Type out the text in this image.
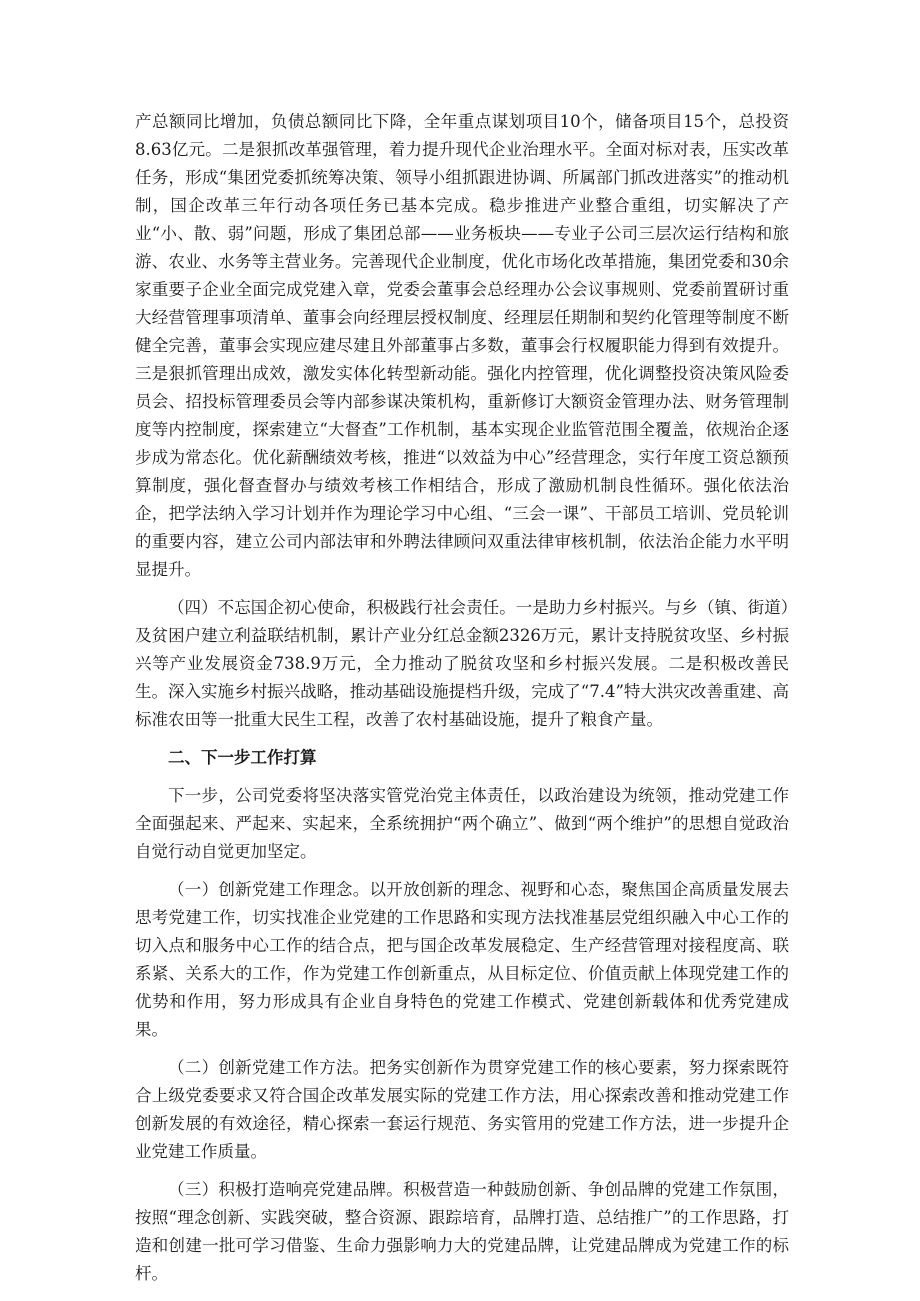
产总额同比增加，负债总额同比下降，全年重点谋划项目10个，储备项目15个，总投资8.63亿元。二是狠抓改革强管理，着力提升现代企业治理水平。全面对标对表，压实改革任务，形成“集团党委抓统筹决策、领导小组抓跟进协调、所属部门抓改进落实”的推动机制，国企改革三年行动各项任务已基本完成。稳步推进产业整合重组，切实解决了产业“小、散、弱”问题，形成了集团总部——业务板块——专业子公司三层次运行结构和旅游、农业、水务等主营业务。完善现代企业制度，优化市场化改革措施，集团党委和30余家重要子企业全面完成党建入章，党委会董事会总经理办公会议事规则、党委前置研讨重大经营管理事项清单、董事会向经理层授权制度、经理层任期制和契约化管理等制度不断健全完善，董事会实现应建尽建且外部董事占多数，董事会行权履职能力得到有效提升。三是狠抓管理出成效，激发实体化转型新动能。强化内控管理，优化调整投资决策风险委员会、招投标管理委员会等内部参谋决策机构，重新修订大额资金管理办法、财务管理制度等内控制度，探索建立“大督查”工作机制，基本实现企业监管范围全覆盖，依规治企逐步成为常态化。优化薪酬绩效考核，推进“以效益为中心”经营理念，实行年度工资总额预算制度，强化督查督办与绩效考核工作相结合，形成了激励机制良性循环。强化依法治企，把学法纳入学习计划并作为理论学习中心组、“三会一课”、干部员工培训、党员轮训的重要内容，建立公司内部法审和外聘法律顾问双重法律审核机制，依法治企能力水平明显提升。

（四）不忘国企初心使命，积极践行社会责任。一是助力乡村振兴。与乡（镇、街道）及贫困户建立利益联结机制，累计产业分红总金额2326万元，累计支持脱贫攻坚、乡村振兴等产业发展资金738.9万元，全力推动了脱贫攻坚和乡村振兴发展。二是积极改善民生。深入实施乡村振兴战略，推动基础设施提档升级，完成了“7.4”特大洪灾改善重建、高标准农田等一批重大民生工程，改善了农村基础设施，提升了粮食产量。

二、下一步工作打算

下一步，公司党委将坚决落实管党治党主体责任，以政治建设为统领，推动党建工作全面强起来、严起来、实起来，全系统拥护“两个确立”、做到“两个维护”的思想自觉政治自觉行动自觉更加坚定。

（一）创新党建工作理念。以开放创新的理念、视野和心态，聚焦国企高质量发展去思考党建工作，切实找准企业党建的工作思路和实现方法找准基层党组织融入中心工作的切入点和服务中心工作的结合点，把与国企改革发展稳定、生产经营管理对接程度高、联系紧、关系大的工作，作为党建工作创新重点，从目标定位、价值贡献上体现党建工作的优势和作用，努力形成具有企业自身特色的党建工作模式、党建创新载体和优秀党建成果。

（二）创新党建工作方法。把务实创新作为贯穿党建工作的核心要素，努力探索既符合上级党委要求又符合国企改革发展实际的党建工作方法，用心探索改善和推动党建工作创新发展的有效途径，精心探索一套运行规范、务实管用的党建工作方法，进一步提升企业党建工作质量。

（三）积极打造响亮党建品牌。积极营造一种鼓励创新、争创品牌的党建工作氛围，按照“理念创新、实践突破，整合资源、跟踪培育，品牌打造、总结推广”的工作思路，打造和创建一批可学习借鉴、生命力强影响力大的党建品牌，让党建品牌成为党建工作的标杆。
